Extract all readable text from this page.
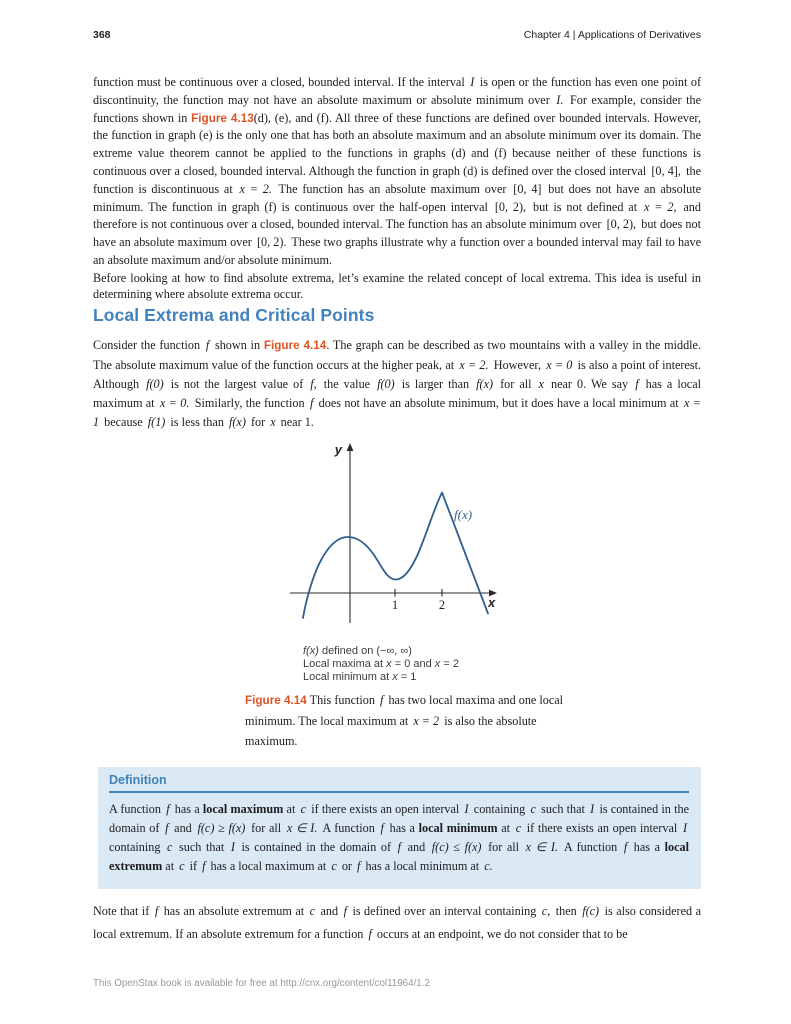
368	Chapter 4 | Applications of Derivatives

function must be continuous over a closed, bounded interval. If the interval I is open or the function has even one point of discontinuity, the function may not have an absolute maximum or absolute minimum over I. For example, consider the functions shown in Figure 4.13(d), (e), and (f). All three of these functions are defined over bounded intervals. However, the function in graph (e) is the only one that has both an absolute maximum and an absolute minimum over its domain. The extreme value theorem cannot be applied to the functions in graphs (d) and (f) because neither of these functions is continuous over a closed, bounded interval. Although the function in graph (d) is defined over the closed interval [0, 4], the function is discontinuous at x = 2. The function has an absolute maximum over [0, 4] but does not have an absolute minimum. The function in graph (f) is continuous over the half-open interval [0, 2), but is not defined at x = 2, and therefore is not continuous over a closed, bounded interval. The function has an absolute minimum over [0, 2), but does not have an absolute maximum over [0, 2). These two graphs illustrate why a function over a bounded interval may fail to have an absolute maximum and/or absolute minimum.

Before looking at how to find absolute extrema, let’s examine the related concept of local extrema. This idea is useful in determining where absolute extrema occur.

Local Extrema and Critical Points

Consider the function f shown in Figure 4.14. The graph can be described as two mountains with a valley in the middle. The absolute maximum value of the function occurs at the higher peak, at x = 2. However, x = 0 is also a point of interest. Although f(0) is not the largest value of f, the value f(0) is larger than f(x) for all x near 0. We say f has a local maximum at x = 0. Similarly, the function f does not have an absolute minimum, but it does have a local minimum at x = 1 because f(1) is less than f(x) for x near 1.

y
x
1	2
f(x)
f(x) defined on (−∞, ∞)
Local maxima at x = 0 and x = 2
Local minimum at x = 1
Figure 4.14 This function f has two local maxima and one local minimum. The local maximum at x = 2 is also the absolute maximum.
Definition

A function f has a local maximum at c if there exists an open interval I containing c such that I is contained in the domain of f and f(c) ≥ f(x) for all x ∈ I. A function f has a local minimum at c if there exists an open interval I containing c such that I is contained in the domain of f and f(c) ≤ f(x) for all x ∈ I. A function f has a local extremum at c if f has a local maximum at c or f has a local minimum at c.

Note that if f has an absolute extremum at c and f is defined over an interval containing c, then f(c) is also considered a local extremum. If an absolute extremum for a function f occurs at an endpoint, we do not consider that to be

This OpenStax book is available for free at http://cnx.org/content/col11964/1.2
